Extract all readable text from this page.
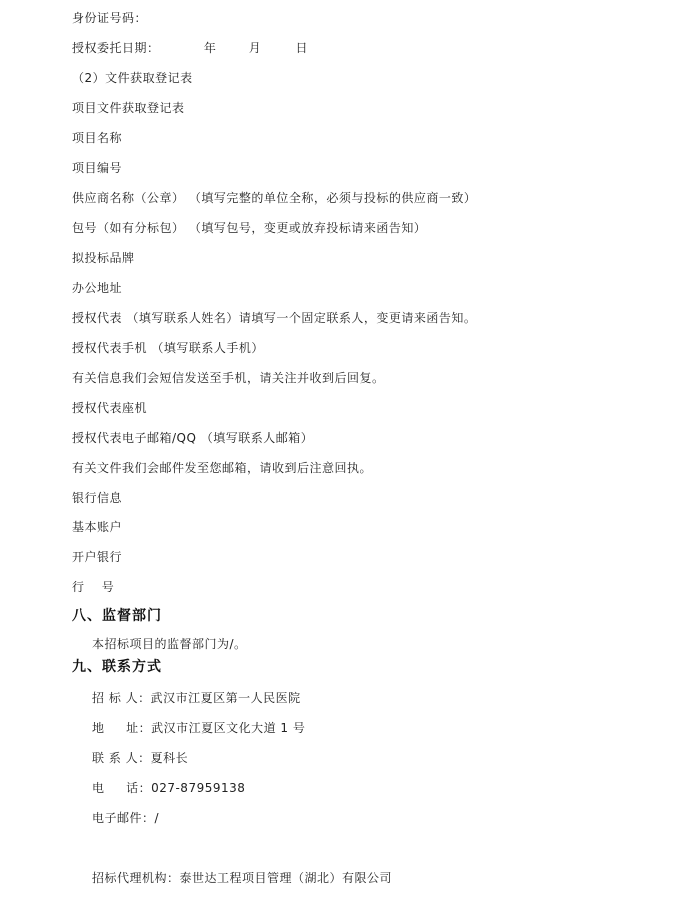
身份证号码：
授权委托日期：	年	月	日
（2）文件获取登记表
项目文件获取登记表
项目名称
项目编号
供应商名称（公章） （填写完整的单位全称，必须与投标的供应商一致）
包号（如有分标包） （填写包号，变更或放弃投标请来函告知）
拟投标品牌
办公地址
授权代表 （填写联系人姓名）请填写一个固定联系人，变更请来函告知。
授权代表手机 （填写联系人手机）
有关信息我们会短信发送至手机，请关注并收到后回复。
授权代表座机
授权代表电子邮箱/QQ （填写联系人邮箱）
有关文件我们会邮件发至您邮箱，请收到后注意回执。
银行信息
基本账户
开户银行
行    号
八、监督部门
本招标项目的监督部门为/。
九、联系方式
招 标 人：武汉市江夏区第一人民医院
地     址：武汉市江夏区文化大道 1 号
联 系 人：夏科长
电     话：027-87959138
电子邮件：/
招标代理机构：泰世达工程项目管理（湖北）有限公司
